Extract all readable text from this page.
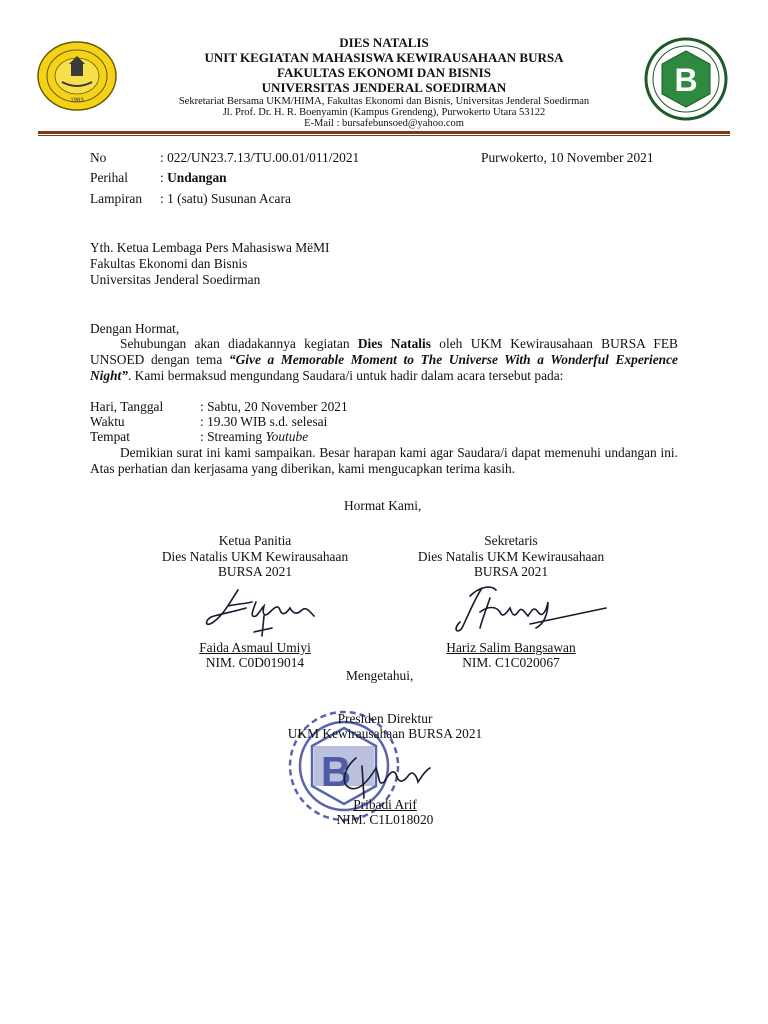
1963
B
DIES NATALIS
UNIT KEGIATAN MAHASISWA KEWIRAUSAHAAN BURSA
FAKULTAS EKONOMI DAN BISNIS
UNIVERSITAS JENDERAL SOEDIRMAN
Sekretariat Bersama UKM/HIMA, Fakultas Ekonomi dan Bisnis, Universitas Jenderal Soedirman
Jl. Prof. Dr. H. R. Boenyamin (Kampus Grendeng), Purwokerto Utara 53122
E-Mail : bursafebunsoed@yahoo.com
No	: 022/UN23.7.13/TU.00.01/011/2021	Purwokerto, 10 November 2021
Perihal : Undangan
Lampiran : 1 (satu) Susunan Acara
Yth. Ketua Lembaga Pers Mahasiswa MëMI
Fakultas Ekonomi dan Bisnis
Universitas Jenderal Soedirman
Dengan Hormat,
Sehubungan akan diadakannya kegiatan Dies Natalis oleh UKM Kewirausahaan BURSA FEB UNSOED dengan tema “Give a Memorable Moment to The Universe With a Wonderful Experience Night”. Kami bermaksud mengundang Saudara/i untuk hadir dalam acara tersebut pada:
Hari, Tanggal	: Sabtu, 20 November 2021
Waktu	: 19.30 WIB s.d. selesai
Tempat	: Streaming Youtube
Demikian surat ini kami sampaikan. Besar harapan kami agar Saudara/i dapat memenuhi undangan ini. Atas perhatian dan kerjasama yang diberikan, kami mengucapkan terima kasih.
Hormat Kami,
Ketua Panitia
Dies Natalis UKM Kewirausahaan
BURSA 2021
Faida Asmaul Umiyi
NIM. C0D019014
Sekretaris
Dies Natalis UKM Kewirausahaan
BURSA 2021
Hariz Salim Bangsawan
NIM. C1C020067
Mengetahui,
B
Presiden Direktur
UKM Kewirausahaan BURSA 2021
Pribadi Arif
NIM. C1L018020
